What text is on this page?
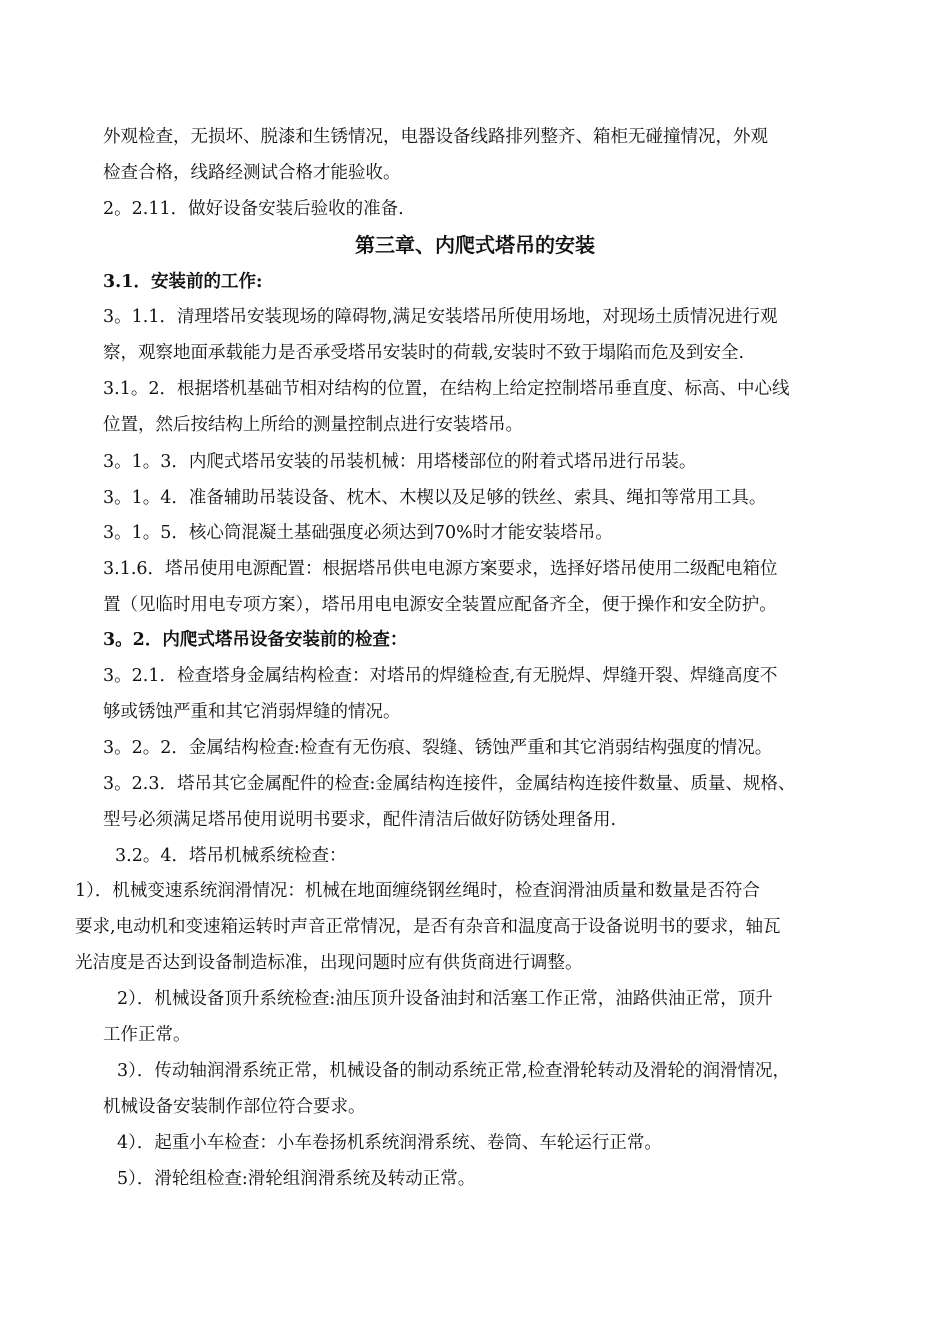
外观检查，无损坏、脱漆和生锈情况，电器设备线路排列整齐、箱柜无碰撞情况，外观
检查合格，线路经测试合格才能验收。
2。2.11．做好设备安装后验收的准备.
第三章、内爬式塔吊的安装
3.1．安装前的工作:
3。1.1．清理塔吊安装现场的障碍物,满足安装塔吊所使用场地，对现场土质情况进行观
察，观察地面承载能力是否承受塔吊安装时的荷载,安装时不致于塌陷而危及到安全.
3.1。2．根据塔机基础节相对结构的位置，在结构上给定控制塔吊垂直度、标高、中心线
位置，然后按结构上所给的测量控制点进行安装塔吊。
3。1。3．内爬式塔吊安装的吊装机械：用塔楼部位的附着式塔吊进行吊装。
3。1。4．准备辅助吊装设备、枕木、木楔以及足够的铁丝、索具、绳扣等常用工具。
3。1。5．核心筒混凝土基础强度必须达到70%时才能安装塔吊。
3.1.6．塔吊使用电源配置：根据塔吊供电电源方案要求，选择好塔吊使用二级配电箱位
置（见临时用电专项方案），塔吊用电电源安全装置应配备齐全，便于操作和安全防护。
3。2．内爬式塔吊设备安装前的检查：
3。2.1．检查塔身金属结构检查：对塔吊的焊缝检查,有无脱焊、焊缝开裂、焊缝高度不
够或锈蚀严重和其它消弱焊缝的情况。
3。2。2．金属结构检查:检查有无伤痕、裂缝、锈蚀严重和其它消弱结构强度的情况。
3。2.3．塔吊其它金属配件的检查:金属结构连接件，金属结构连接件数量、质量、规格、
型号必须满足塔吊使用说明书要求，配件清洁后做好防锈处理备用.
3.2。4．塔吊机械系统检查：
1）．机械变速系统润滑情况：机械在地面缠绕钢丝绳时，检查润滑油质量和数量是否符合
要求,电动机和变速箱运转时声音正常情况，是否有杂音和温度高于设备说明书的要求，轴瓦
光洁度是否达到设备制造标准，出现问题时应有供货商进行调整。
2）．机械设备顶升系统检查:油压顶升设备油封和活塞工作正常，油路供油正常，顶升
工作正常。
3）．传动轴润滑系统正常，机械设备的制动系统正常,检查滑轮转动及滑轮的润滑情况，
机械设备安装制作部位符合要求。
4）．起重小车检查：小车卷扬机系统润滑系统、卷筒、车轮运行正常。
5）．滑轮组检查:滑轮组润滑系统及转动正常。
